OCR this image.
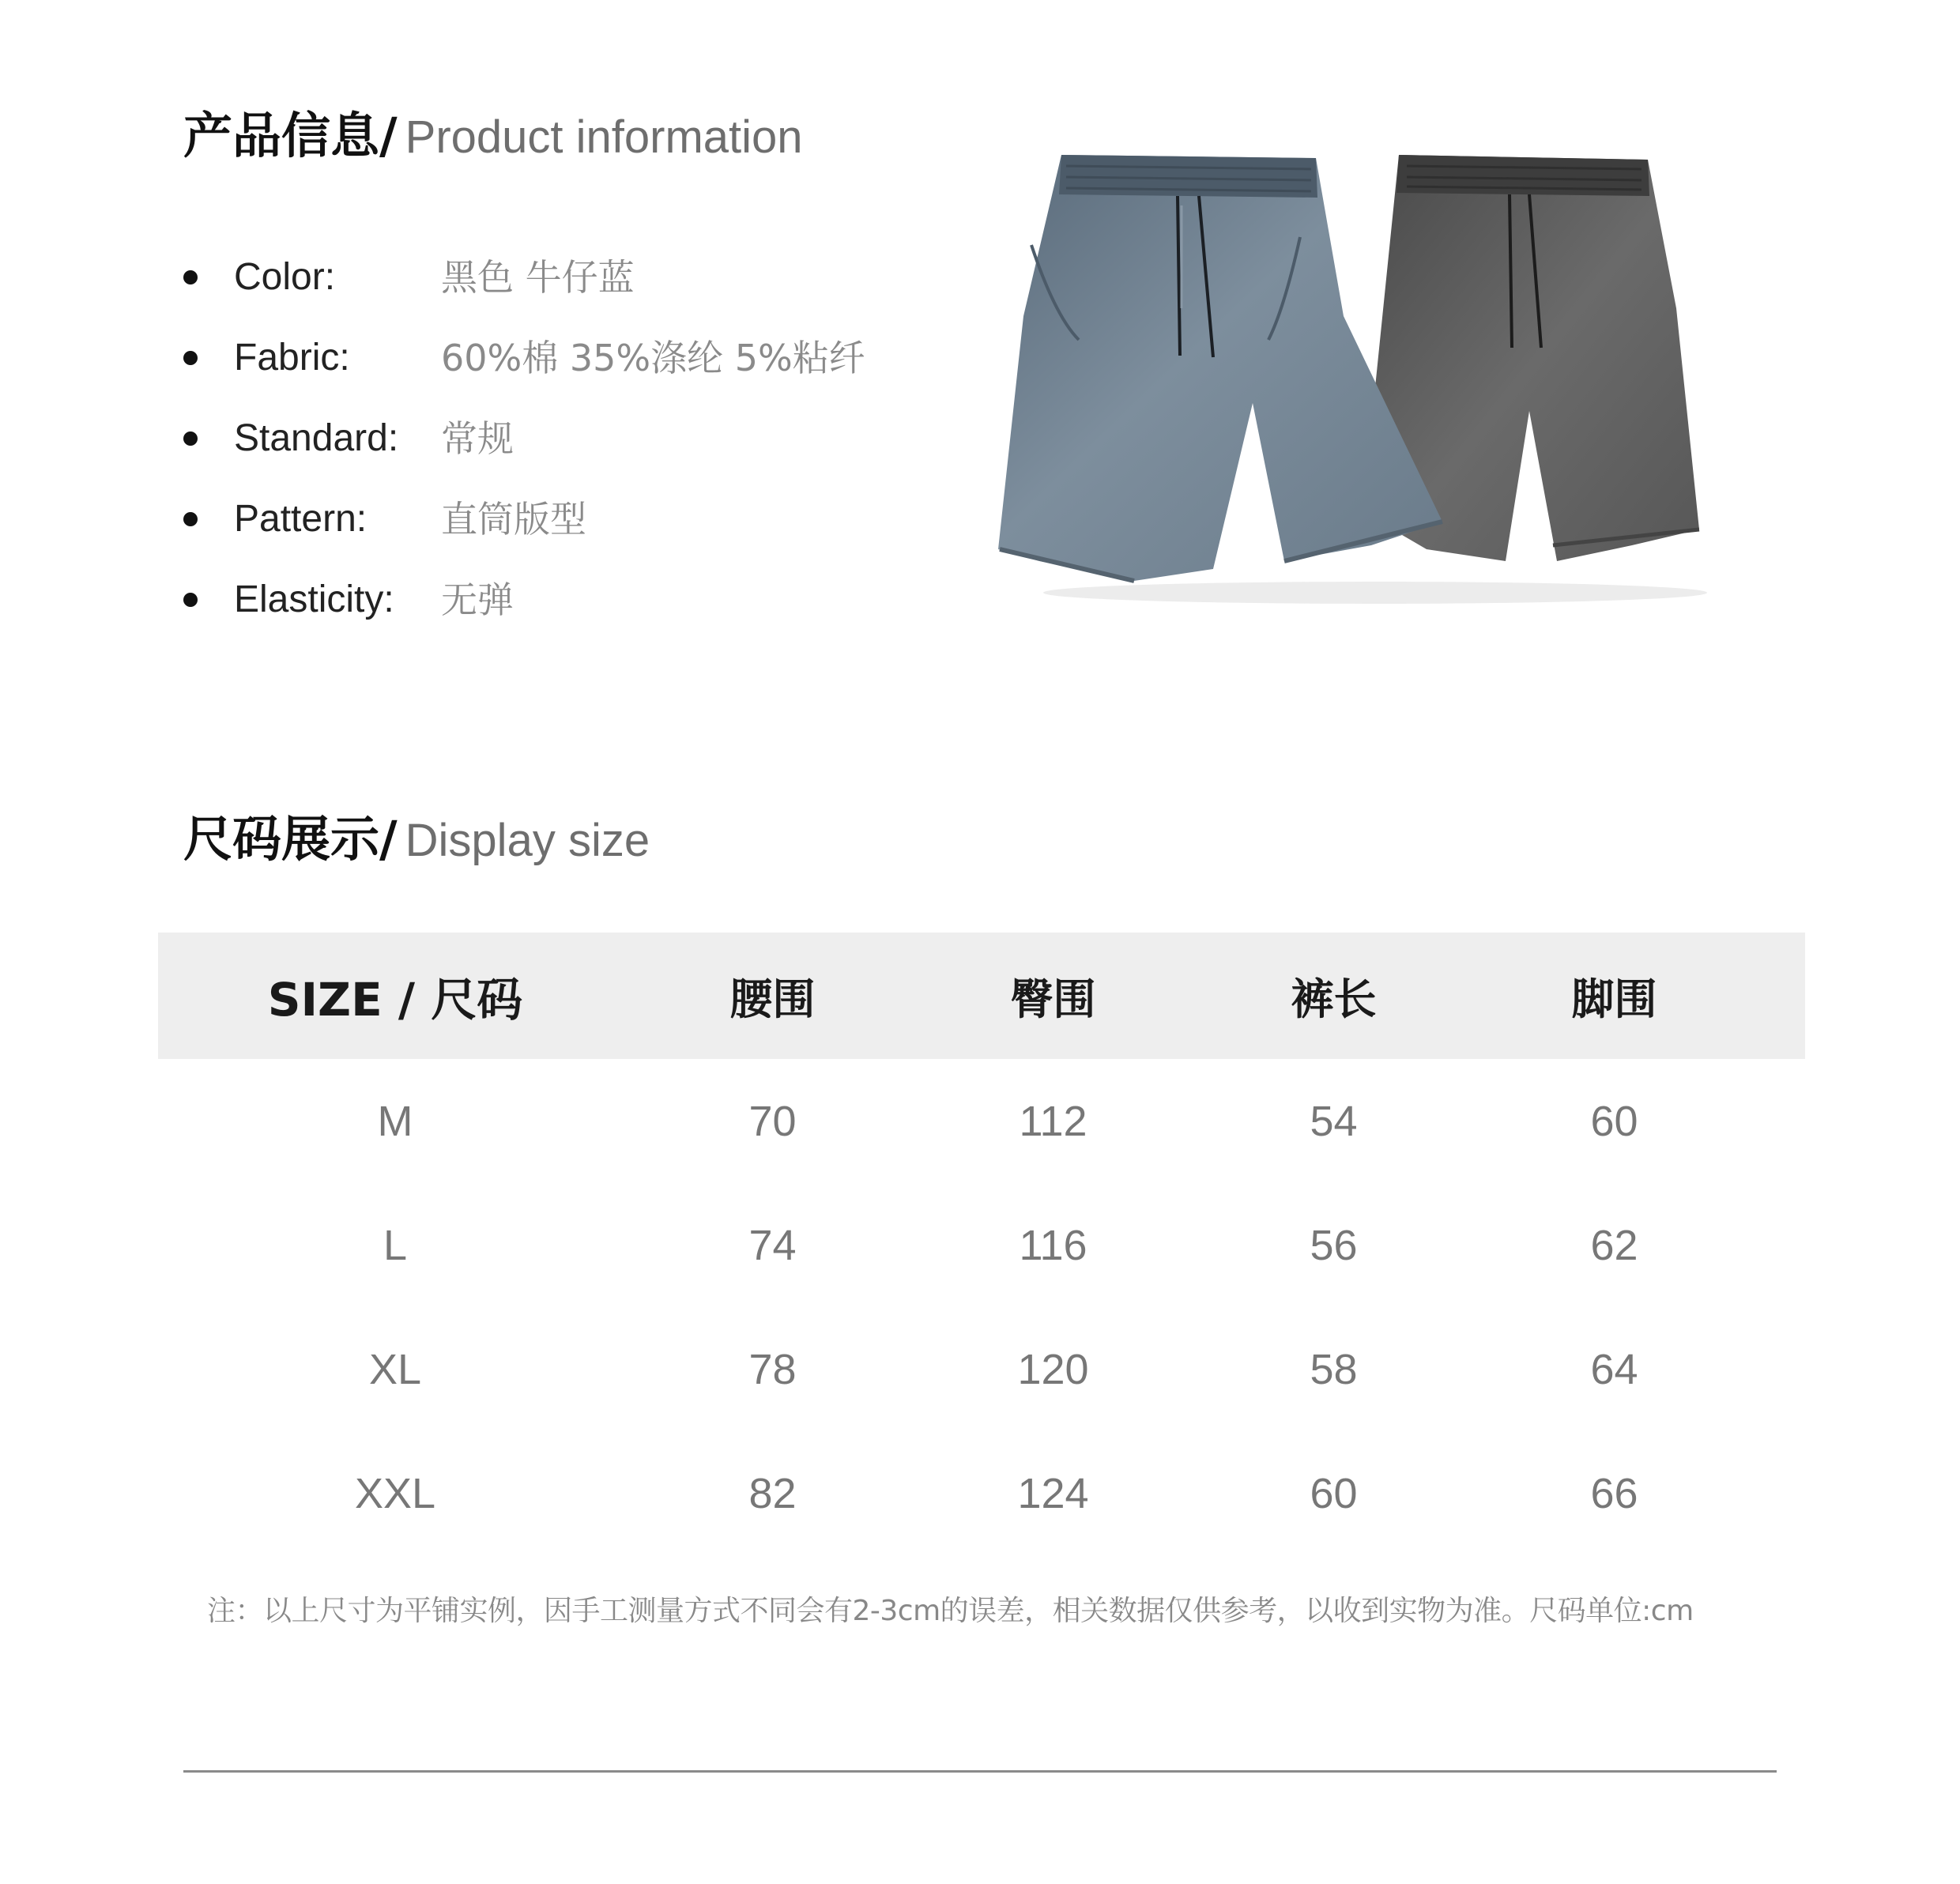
产品信息/ Product information
Color:	黑色 牛仔蓝
Fabric:	60%棉 35%涤纶 5%粘纤
Standard: 常规
Pattern: 直筒版型
Elasticity: 无弹
尺码展示/ Display size
SIZE / 尺码	腰围	臀围	裤长	脚围
M	70	112	54	60
L	74	116	56	62
XL	78	120	58	64
XXL	82	124	60	66
注：以上尺寸为平铺实例，因手工测量方式不同会有2-3cm的误差，相关数据仅供参考，以收到实物为准。尺码单位:cm
